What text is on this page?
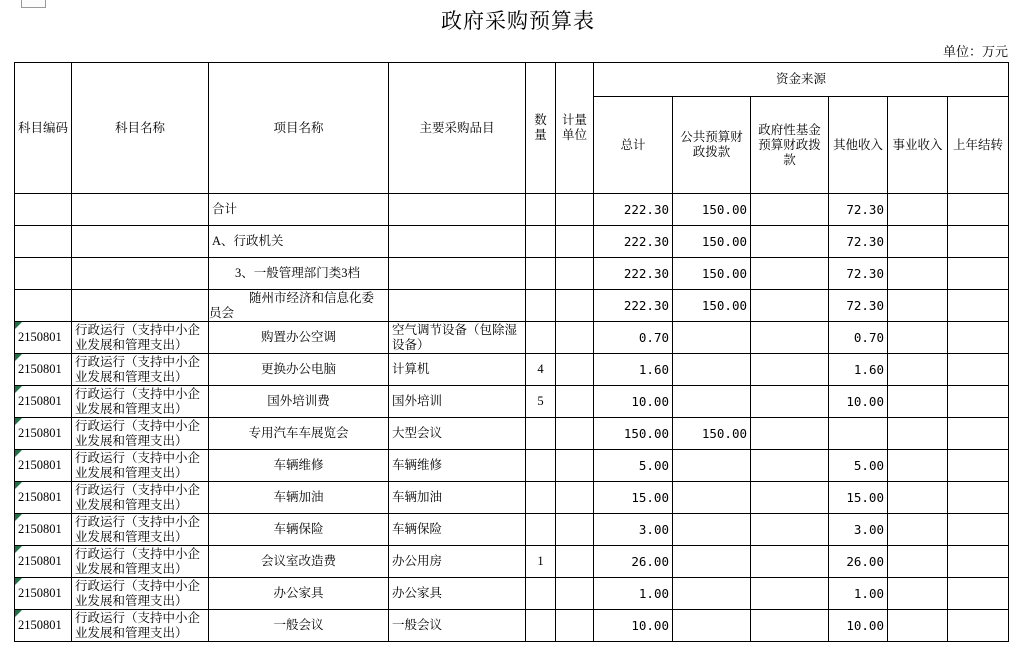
政府采购预算表
单位：万元
科目编码	科目名称	项目名称	主要采购品目	数量	计量单位	资金来源					
						总计	公共预算财政拨款	政府性基金预算财政拨款	其他收入	事业收入	上年结转
		合计				222.30	150.00		72.30		
		A、行政机关				222.30	150.00		72.30		
		3、一般管理部门类3档				222.30	150.00		72.30		
		随州市经济和信息化委员会				222.30	150.00		72.30		
2150801	行政运行（支持中小企业发展和管理支出）	购置办公空调	空气调节设备（包除湿设备）			0.70			0.70		
2150801	行政运行（支持中小企业发展和管理支出）	更换办公电脑	计算机	4		1.60			1.60		
2150801	行政运行（支持中小企业发展和管理支出）	国外培训费	国外培训	5		10.00			10.00		
2150801	行政运行（支持中小企业发展和管理支出）	专用汽车车展览会	大型会议			150.00	150.00				
2150801	行政运行（支持中小企业发展和管理支出）	车辆维修	车辆维修			5.00			5.00		
2150801	行政运行（支持中小企业发展和管理支出）	车辆加油	车辆加油			15.00			15.00		
2150801	行政运行（支持中小企业发展和管理支出）	车辆保险	车辆保险			3.00			3.00		
2150801	行政运行（支持中小企业发展和管理支出）	会议室改造费	办公用房	1		26.00			26.00		
2150801	行政运行（支持中小企业发展和管理支出）	办公家具	办公家具			1.00			1.00		
2150801	行政运行（支持中小企业发展和管理支出）	一般会议	一般会议			10.00			10.00		
